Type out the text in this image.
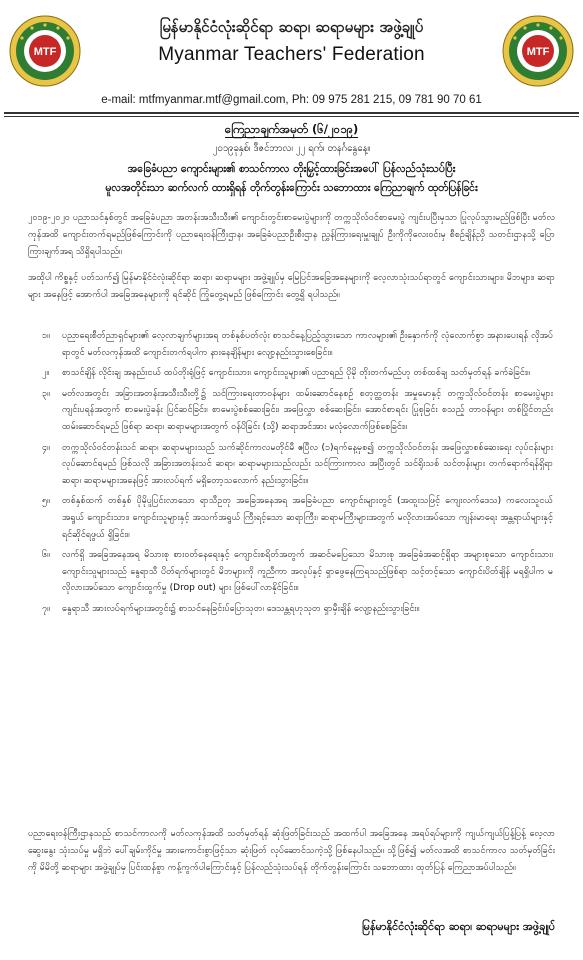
MTF	MTF
မြန်မာနိုင်ငံလုံးဆိုင်ရာ ဆရာ၊ ဆရာမများ အဖွဲ့ချုပ်
Myanmar Teachers' Federation
e-mail: mtfmyanmar.mtf@gmail.com, Ph: 09 975 281 215, 09 781 90 70 61
ကြေညာချက်အမှတ် (၆/၂၀၁၉)
၂၀၁၉ခုနှစ်၊ ဒီဇင်ဘာလ၊ ၂၂ ရက်၊ တနင်္ဂနွေနေ့။
အခြေခံပညာ ကျောင်းများ၏ စာသင်ကာလ တိုးမြှင့်ထားခြင်းအပေါ် ပြန်လည်သုံးသပ်ပြီး
မူလအတိုင်းသာ ဆက်လက် ထားရှိရန် တိုက်တွန်းကြောင်း သဘောထား ကြေညာချက် ထုတ်ပြန်ခြင်း
၂၀၁၉-၂၀၂၀ ပညာသင်နှစ်တွင် အခြေခံပညာ အတန်းအသီးသီး၏ ကျောင်းတွင်းစာမေးပွဲများကို တက္ကသိုလ်ဝင်စာမေးပွဲ ကျင်းပပြီးမှသာ ပြုလုပ်သွားမည်ဖြစ်ပြီး မတ်လကုန်အထိ ကျောင်းတက်ရမည်ဖြစ်ကြောင်းကို ပညာရေးဝန်ကြီးဌာန၊ အခြေခံပညာဦးစီးဌာန ညွှန်ကြားရေးမှူးချုပ် ဦးကိုကိုလေးဝင်းမှ စီစဉ်ချိန်ညှိ သတင်းဌာနသို့ ပြောကြားချက်အရ သိရှိရပါသည်။
အထိုပါ ကိစ္စနှင့် ပတ်သက်၍ မြန်မာနိုင်ငံလုံးဆိုင်ရာ ဆရာ၊ ဆရာမများ အဖွဲ့ချုပ်မှ မြေပြင်အခြေအနေများကို လေ့လာသုံးသပ်ရာတွင် ကျောင်းသားများ၊ မိဘများ၊ ဆရာများ အနေဖြင့် အောက်ပါ အခြေအနေများကို ရင်ဆိုင် ကြုံတွေ့ရမည် ဖြစ်ကြောင်း တွေ့ရှိ ရပါသည်။
၁။ ပညာရေးစီတ်ညာရှင်များ၏ လေ့လာချက်များအရ တစ်နှစ်ပတ်လုံး စာသင်နေ့ပြည့်သွားသော ကာလများ၏ ဦးနှောက်ကို လုံလောက်စွာ အနားပေးရန် လိုအပ်ရာတွင် မတ်လကုန်အထိ ကျောင်းတက်ရပါက နားနေချိန်များ လျော့နည်းသွားစေခြင်း။
၂။ စာသင်ချိန် လိုင်းချ အနည်းငယ် ထပ်တိုးရုံဖြင့် ကျောင်းသား၊ ကျောင်းသူများ၏ ပညာရည် ပိုမို တိုးတက်မည်ဟု တစ်ထစ်ချ သတ်မှတ်ရန် ခက်ခဲခြင်း။
၃။ မတ်လအတွင်း အခြားအတန်းအသီးသီးတို့၌ သင်ကြားရေးတာဝန်များ ထမ်းဆောင်နေစဉ် စတုတ္ထတန်း အမှုမောနှင့် တက္ကသိုလ်ဝင်တန်း စာမေးပွဲများ ကျင်းပရန်အတွက် စာမေးပွဲခန်း ပြင်ဆင်ခြင်း၊ စာမေးပွဲစစ်ဆေးခြင်း၊ အဖြေလွှာ စစ်ဆေးခြင်း၊ အောင်စာရင်း ပြုစုခြင်း စသည့် တာဝန်များ တစ်ပြိုင်တည်း ထမ်းဆောင်ရမည် ဖြစ်ရာ ဆရာ၊ ဆရာမများအတွက် ဝန်ပိခြင်း (သို့) ဆရာအင်အား မလုံလောက်ဖြစ်စေခြင်း။
၄။ တက္ကသိုလ်ဝင်တန်းသင် ဆရာ၊ ဆရာမများသည် သက်ဆိုင်ကာလမတိုင်မီ ဧပြီလ (၁)ရက်နေ့မှစ၍ တက္ကသိုလ်ဝင်တန်း အဖြေလွှာစစ်ဆေးရေး လုပ်ငန်းများ လုပ်ဆောင်ရမည် ဖြစ်သလို အခြားအတန်းသင် ဆရာ၊ ဆရာမများသည်လည်း သင်ကြားကာလ အပြီးတွင် သင်ရိုးသစ် သင်တန်းများ တက်ရောက်ရန်ရှိရာ ဆရာ၊ ဆရာမများအနေဖြင့် အားလပ်ရက် မရှိတော့သလောက် နည်းသွားခြင်း။
၅။ တစ်နှစ်ထက် တစ်နှစ် ပိုမိုပူပြင်းလာသော ရာသီဥတု အခြေအနေအရ အခြေခံပညာ ကျောင်းများတွင် (အထူးသဖြင့် ကျေးလက်ဒေသ) ကလေးသူငယ်အရွယ် ကျောင်းသား၊ ကျောင်းသူများနှင့် အသက်အရွယ် ကြီးရင့်သော ဆရာကြီး၊ ဆရာမကြီးများအတွက် မလိုလားအပ်သော ကျန်းမာရေး အန္တရာယ်များနှင့် ရင်ဆိုင်ရဖွယ် ရှိခြင်း။
၆။ လက်ရှိ အခြေအနေအရ မိသားစု စားဝတ်နေရေးနှင့် ကျောင်းစရိတ်အတွက် အဆင်မပြေသော မိသားစု အခြေခံအဆင့်ရှိရာ အများစုသော ကျောင်းသား၊ ကျောင်းသူများသည် နွေရာသီ ပိတ်ရက်များတွင် မိဘများကို ကူညီကာ အလုပ်နှင့် ရှာဖွေနေကြရသည်ဖြစ်ရာ သင့်တင့်သော ကျောင်းပိတ်ချိန် မရရှိပါက မလိုလားအပ်သော ကျောင်းထွက်မှု (Drop out) များ ဖြစ်ပေါ်လာနိုင်ခြင်း။
၇။ နွေရာသီ အားလပ်ရက်များအတွင်း၌ စာသင်နေခြင်းပ်ပြောသုတ၊ ဒေသန္တရဟုသုတ ရှာမှီးချိန် လျော့နည်းသွားခြင်း။
ပညာရေးဝန်ကြီးဌာနသည် စာသင်ကာလကို မတ်လကုန်အထိ သတ်မှတ်ရန် ဆုံးဖြတ်ခြင်းသည် အထက်ပါ အခြေအနေ အရပ်ရပ်များကို ကျယ်ကျယ်ပြန့်ပြန့် လေ့လာဆွေးနွေး သုံးသပ်မှု မရှိဘဲ ပေါ်ချမ်းကိုင်မှု အားကောင်းစွာဖြင့်သာ ဆုံးဖြတ် လုပ်ဆောင်သကဲ့သို့ ဖြစ်နေပါသည်။ သို့ဖြစ်၍ မတ်လအထိ စာသင်ကာလ သတ်မှတ်ခြင်းကို မိမိတို့ ဆရာများ အဖွဲ့ချုပ်မှ ပြင်းထန်စွာ ကန့်ကွက်ပါကြောင်းနှင့် ပြန်လည်သုံးသပ်ရန် တိုက်တွန်းကြောင်း သဘောထား ထုတ်ပြန် ကြေညာအပ်ပါသည်။
မြန်မာနိုင်ငံလုံးဆိုင်ရာ ဆရာ၊ ဆရာမများ အဖွဲ့ချုပ်
